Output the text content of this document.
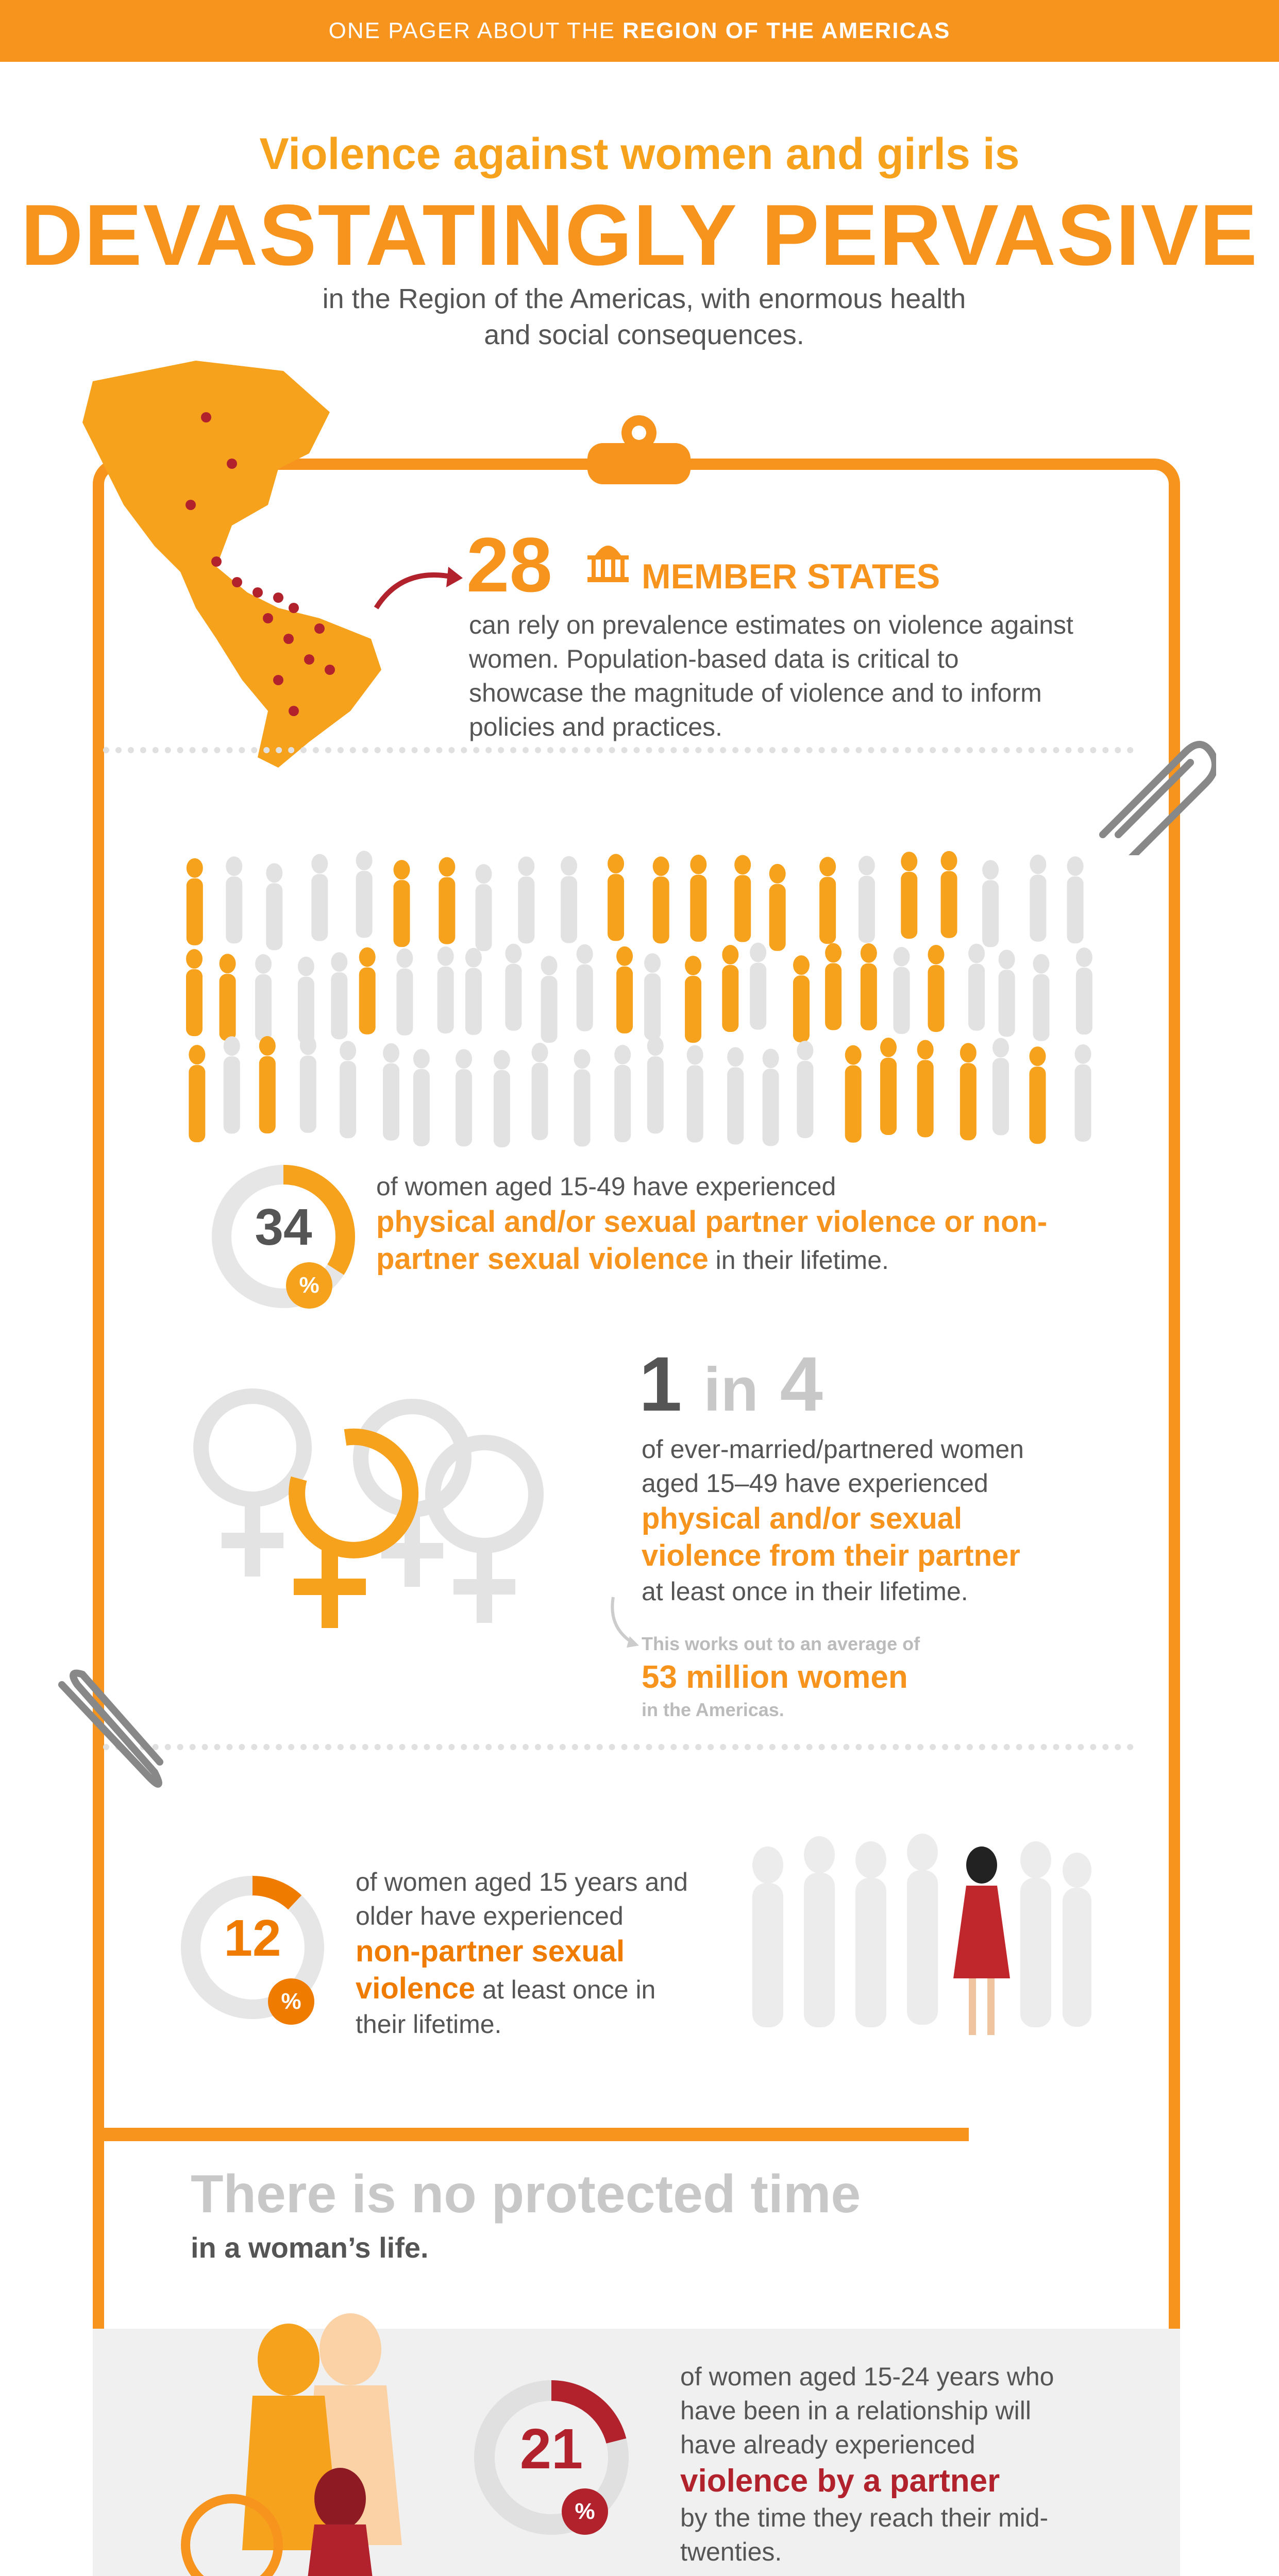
ONE PAGER ABOUT THE REGION OF THE AMERICAS
Violence against women and girls is
DEVASTATINGLY PERVASIVE
in the Region of the Americas, with enormous health and social consequences.
28	MEMBER STATES
can rely on prevalence estimates on violence against women. Population-based data is critical to showcase the magnitude of violence and to inform policies and practices.
34
%
of women aged 15-49 have experienced
physical and/or sexual partner violence or non-partner sexual violence in their lifetime.
1 in 4
of ever-married/partnered women aged 15–49 have experienced
physical and/or sexual violence from their partner
at least once in their lifetime.
This works out to an average of
53 million women
in the Americas.
12
%
of women aged 15 years and older have experienced
non-partner sexual violence at least once in their lifetime.
There is no protected time
in a woman’s life.
21
%
of women aged 15-24 years who have been in a relationship will have already experienced
violence by a partner
by the time they reach their mid-twenties.
